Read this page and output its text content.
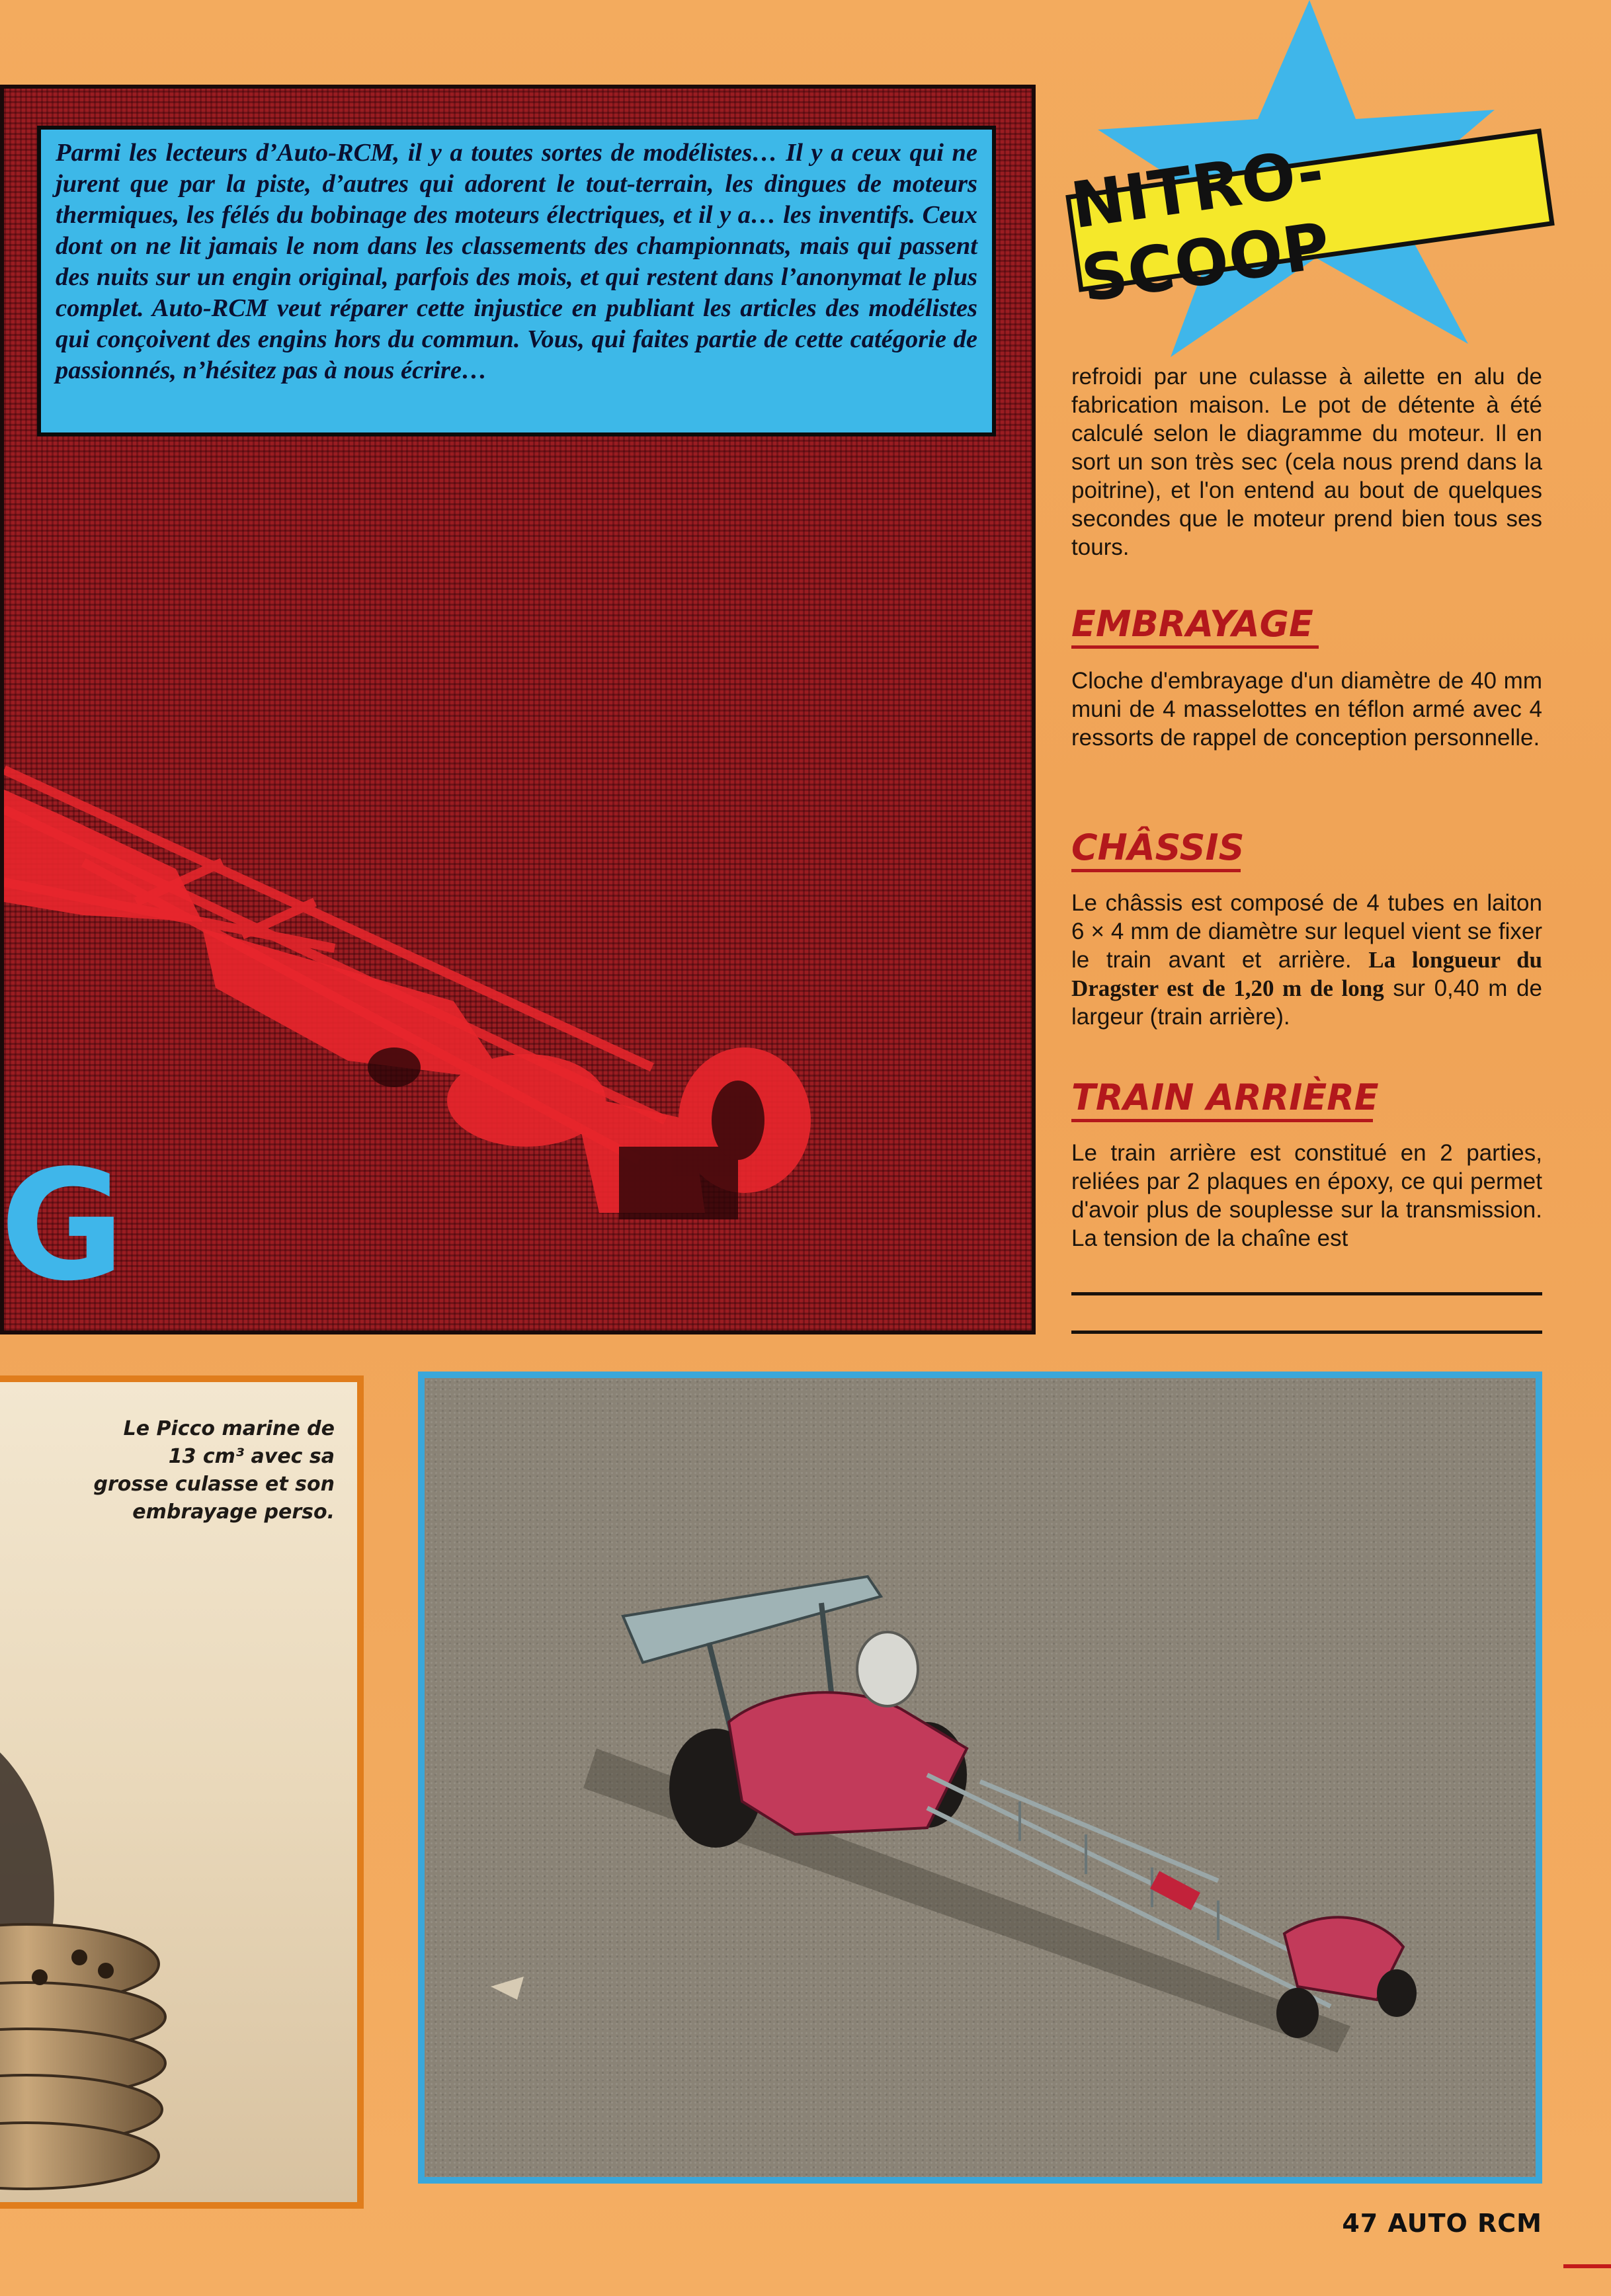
Parmi les lecteurs d’Auto-RCM, il y a toutes sortes de modélistes… Il y a ceux qui ne jurent que par la piste, d’autres qui adorent le tout-terrain, les dingues de moteurs thermiques, les félés du bobinage des moteurs électriques, et il y a… les inventifs. Ceux dont on ne lit jamais le nom dans les classements des championnats, mais qui passent des nuits sur un engin original, parfois des mois, et qui restent dans l’anonymat le plus complet. Auto-RCM veut réparer cette injustice en publiant les articles des modélistes qui conçoivent des engins hors du commun. Vous, qui faites partie de cette catégorie de passionnés, n’hésitez pas à nous écrire…
G
NITRO-SCOOP
refroidi par une culasse à ailette en alu de fabrication maison. Le pot de détente à été calculé selon le diagramme du moteur. Il en sort un son très sec (cela nous prend dans la poitrine), et l'on entend au bout de quelques secondes que le moteur prend bien tous ses tours.
EMBRAYAGE
Cloche d'embrayage d'un diamètre de 40 mm muni de 4 masselottes en téflon armé avec 4 ressorts de rappel de conception personnelle.
CHÂSSIS
Le châssis est composé de 4 tubes en laiton 6 × 4 mm de diamètre sur lequel vient se fixer le train avant et arrière. La longueur du Dragster est de 1,20 m de long sur 0,40 m de largeur (train arrière).
TRAIN ARRIÈRE
Le train arrière est constitué en 2 parties, reliées par 2 plaques en époxy, ce qui permet d'avoir plus de souplesse sur la transmission. La tension de la chaîne est
Le Picco marine de
13 cm³ avec sa
grosse culasse et son
embrayage perso.
47 AUTO RCM
